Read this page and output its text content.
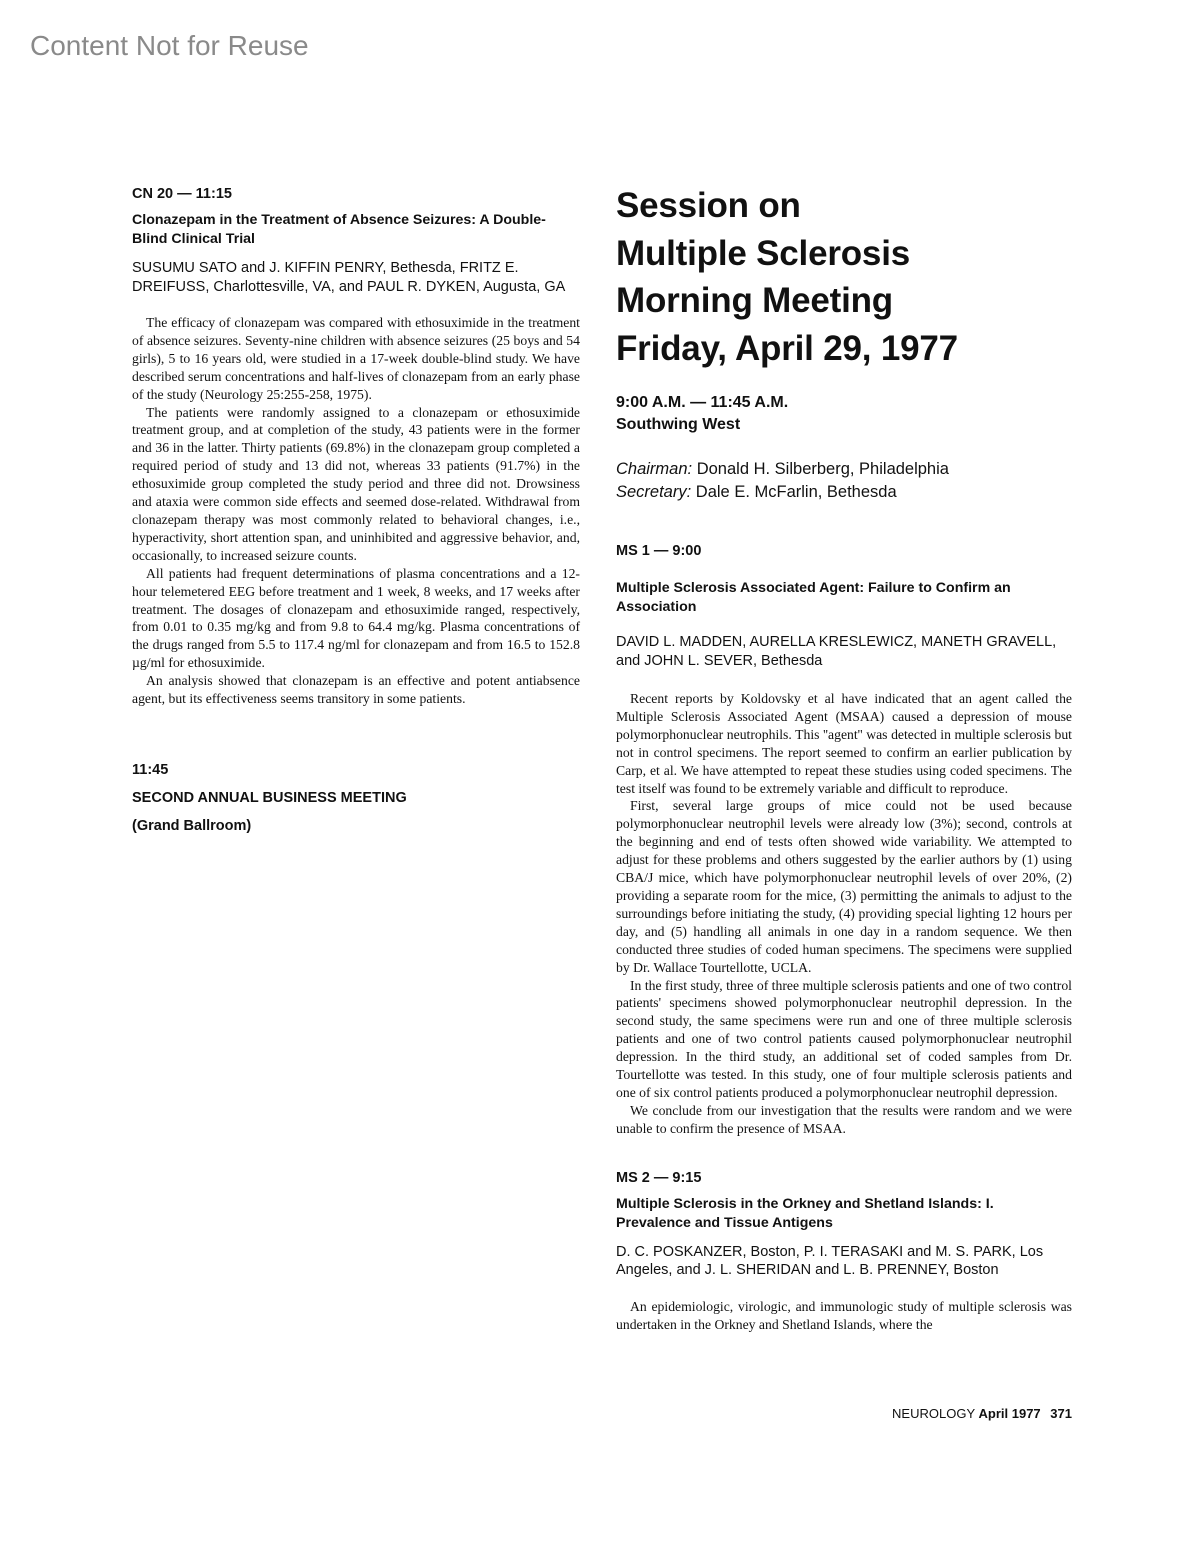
Content Not for Reuse
CN 20 — 11:15
Clonazepam in the Treatment of Absence Seizures: A Double-Blind Clinical Trial
SUSUMU SATO and J. KIFFIN PENRY, Bethesda, FRITZ E. DREIFUSS, Charlottesville, VA, and PAUL R. DYKEN, Augusta, GA

The efficacy of clonazepam was compared with ethosuximide in the treatment of absence seizures. Seventy-nine children with absence seizures (25 boys and 54 girls), 5 to 16 years old, were studied in a 17-week double-blind study. We have described serum concentrations and half-lives of clonazepam from an early phase of the study (Neurology 25:255-258, 1975).

The patients were randomly assigned to a clonazepam or ethosuximide treatment group, and at completion of the study, 43 patients were in the former and 36 in the latter. Thirty patients (69.8%) in the clonazepam group completed a required period of study and 13 did not, whereas 33 patients (91.7%) in the ethosuximide group completed the study period and three did not. Drowsiness and ataxia were common side effects and seemed dose-related. Withdrawal from clonazepam therapy was most commonly related to behavioral changes, i.e., hyperactivity, short attention span, and uninhibited and aggressive behavior, and, occasionally, to increased seizure counts.

All patients had frequent determinations of plasma concentrations and a 12-hour telemetered EEG before treatment and 1 week, 8 weeks, and 17 weeks after treatment. The dosages of clonazepam and ethosuximide ranged, respectively, from 0.01 to 0.35 mg/kg and from 9.8 to 64.4 mg/kg. Plasma concentrations of the drugs ranged from 5.5 to 117.4 ng/ml for clonazepam and from 16.5 to 152.8 µg/ml for ethosuximide.

An analysis showed that clonazepam is an effective and potent antiabsence agent, but its effectiveness seems transitory in some patients.

11:45
SECOND ANNUAL BUSINESS MEETING
(Grand Ballroom)
Session on
Multiple Sclerosis
Morning Meeting
Friday, April 29, 1977
9:00 A.M. — 11:45 A.M.
Southwing West
Chairman: Donald H. Silberberg, Philadelphia
Secretary: Dale E. McFarlin, Bethesda
MS 1 — 9:00
Multiple Sclerosis Associated Agent: Failure to Confirm an Association
DAVID L. MADDEN, AURELLA KRESLEWICZ, MANETH GRAVELL, and JOHN L. SEVER, Bethesda

Recent reports by Koldovsky et al have indicated that an agent called the Multiple Sclerosis Associated Agent (MSAA) caused a depression of mouse polymorphonuclear neutrophils. This ''agent'' was detected in multiple sclerosis but not in control specimens. The report seemed to confirm an earlier publication by Carp, et al. We have attempted to repeat these studies using coded specimens. The test itself was found to be extremely variable and difficult to reproduce.

First, several large groups of mice could not be used because polymorphonuclear neutrophil levels were already low (3%); second, controls at the beginning and end of tests often showed wide variability. We attempted to adjust for these problems and others suggested by the earlier authors by (1) using CBA/J mice, which have polymorphonuclear neutrophil levels of over 20%, (2) providing a separate room for the mice, (3) permitting the animals to adjust to the surroundings before initiating the study, (4) providing special lighting 12 hours per day, and (5) handling all animals in one day in a random sequence. We then conducted three studies of coded human specimens. The specimens were supplied by Dr. Wallace Tourtellotte, UCLA.

In the first study, three of three multiple sclerosis patients and one of two control patients' specimens showed polymorphonuclear neutrophil depression. In the second study, the same specimens were run and one of three multiple sclerosis patients and one of two control patients caused polymorphonuclear neutrophil depression. In the third study, an additional set of coded samples from Dr. Tourtellotte was tested. In this study, one of four multiple sclerosis patients and one of six control patients produced a polymorphonuclear neutrophil depression.

We conclude from our investigation that the results were random and we were unable to confirm the presence of MSAA.

MS 2 — 9:15
Multiple Sclerosis in the Orkney and Shetland Islands: I. Prevalence and Tissue Antigens
D. C. POSKANZER, Boston, P. I. TERASAKI and M. S. PARK, Los Angeles, and J. L. SHERIDAN and L. B. PRENNEY, Boston

An epidemiologic, virologic, and immunologic study of multiple sclerosis was undertaken in the Orkney and Shetland Islands, where the

NEUROLOGY April 1977 371
